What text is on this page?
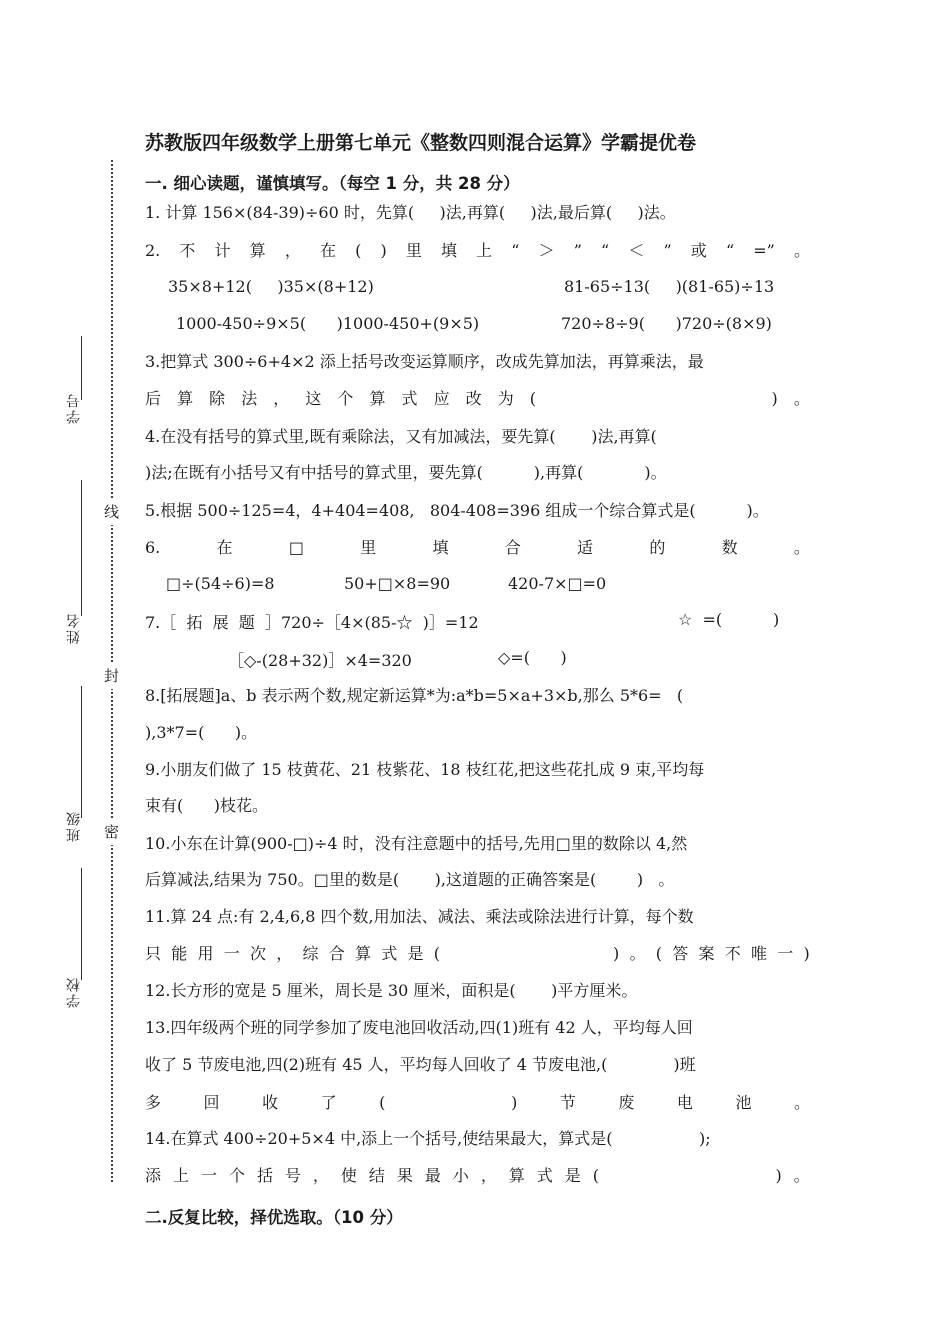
学号
姓名
班级
学校
线
封
密
苏教版四年级数学上册第七单元《整数四则混合运算》学霸提优卷
一. 细心读题，谨慎填写。（每空 1 分，共 28 分）
1. 计算 156×(84-39)÷60 时，先算(     )法,再算(     )法,最后算(     )法。
2. 不 计 算 ， 在 ( ) 里 填 上 “ ＞ ” “ ＜ ” 或 “ =” 。
35×8+12(     )35×(8+12)	81-65÷13(     )(81-65)÷13
1000-450÷9×5(      )1000-450+(9×5)	720÷8÷9(      )720÷(8×9)
3.把算式 300÷6+4×2 添上括号改变运算顺序，改成先算加法，再算乘法，最
后 算 除 法 ， 这 个 算 式 应 改 为 (
	) 。
4.在没有括号的算式里,既有乘除法，又有加减法，要先算(       )法,再算(
)法;在既有小括号又有中括号的算式里，要先算(          ),再算(            )。
5.根据 500÷125=4，4+404=408,   804-408=396 组成一个综合算式是(          )。
6.	在	□	里	填	合	适	的	数	。
□÷(54÷6)=8	50+□×8=90	420-7×□=0
7.［  拓  展  题  ］720÷［4×(85-☆  )］=12	☆  =(          )
［◇-(28+32)］×4=320	◇=(      )
8.[拓展题]a、b 表示两个数,规定新运算*为:a*b=5×a+3×b,那么 5*6=   (
),3*7=(      )。
9.小朋友们做了 15 枝黄花、21 枝紫花、18 枝红花,把这些花扎成 9 束,平均每
束有(      )枝花。
10.小东在计算(900-□)÷4 时，没有注意题中的括号,先用□里的数除以 4,然
后算减法,结果为 750。□里的数是(       ),这道题的正确答案是(        )   。
11.算 24 点:有 2,4,6,8 四个数,用加法、减法、乘法或除法进行计算，每个数
只 能 用 一 次 ， 综 合 算 式 是 (
	) 。 ( 答 案 不 唯 一 )
12.长方形的宽是 5 厘米，周长是 30 厘米，面积是(       )平方厘米。
13.四年级两个班的同学参加了废电池回收活动,四(1)班有 42 人，平均每人回
收了 5 节废电池,四(2)班有 45 人，平均每人回收了 4 节废电池,(             )班
多	回	收	了	(
	)	节	废	电	池	。
14.在算式 400÷20+5×4 中,添上一个括号,使结果最大，算式是(                 );
添 上 一 个 括 号 ， 使 结 果 最 小 ， 算 式 是 (
	) 。
二.反复比较，择优选取。（10 分）
